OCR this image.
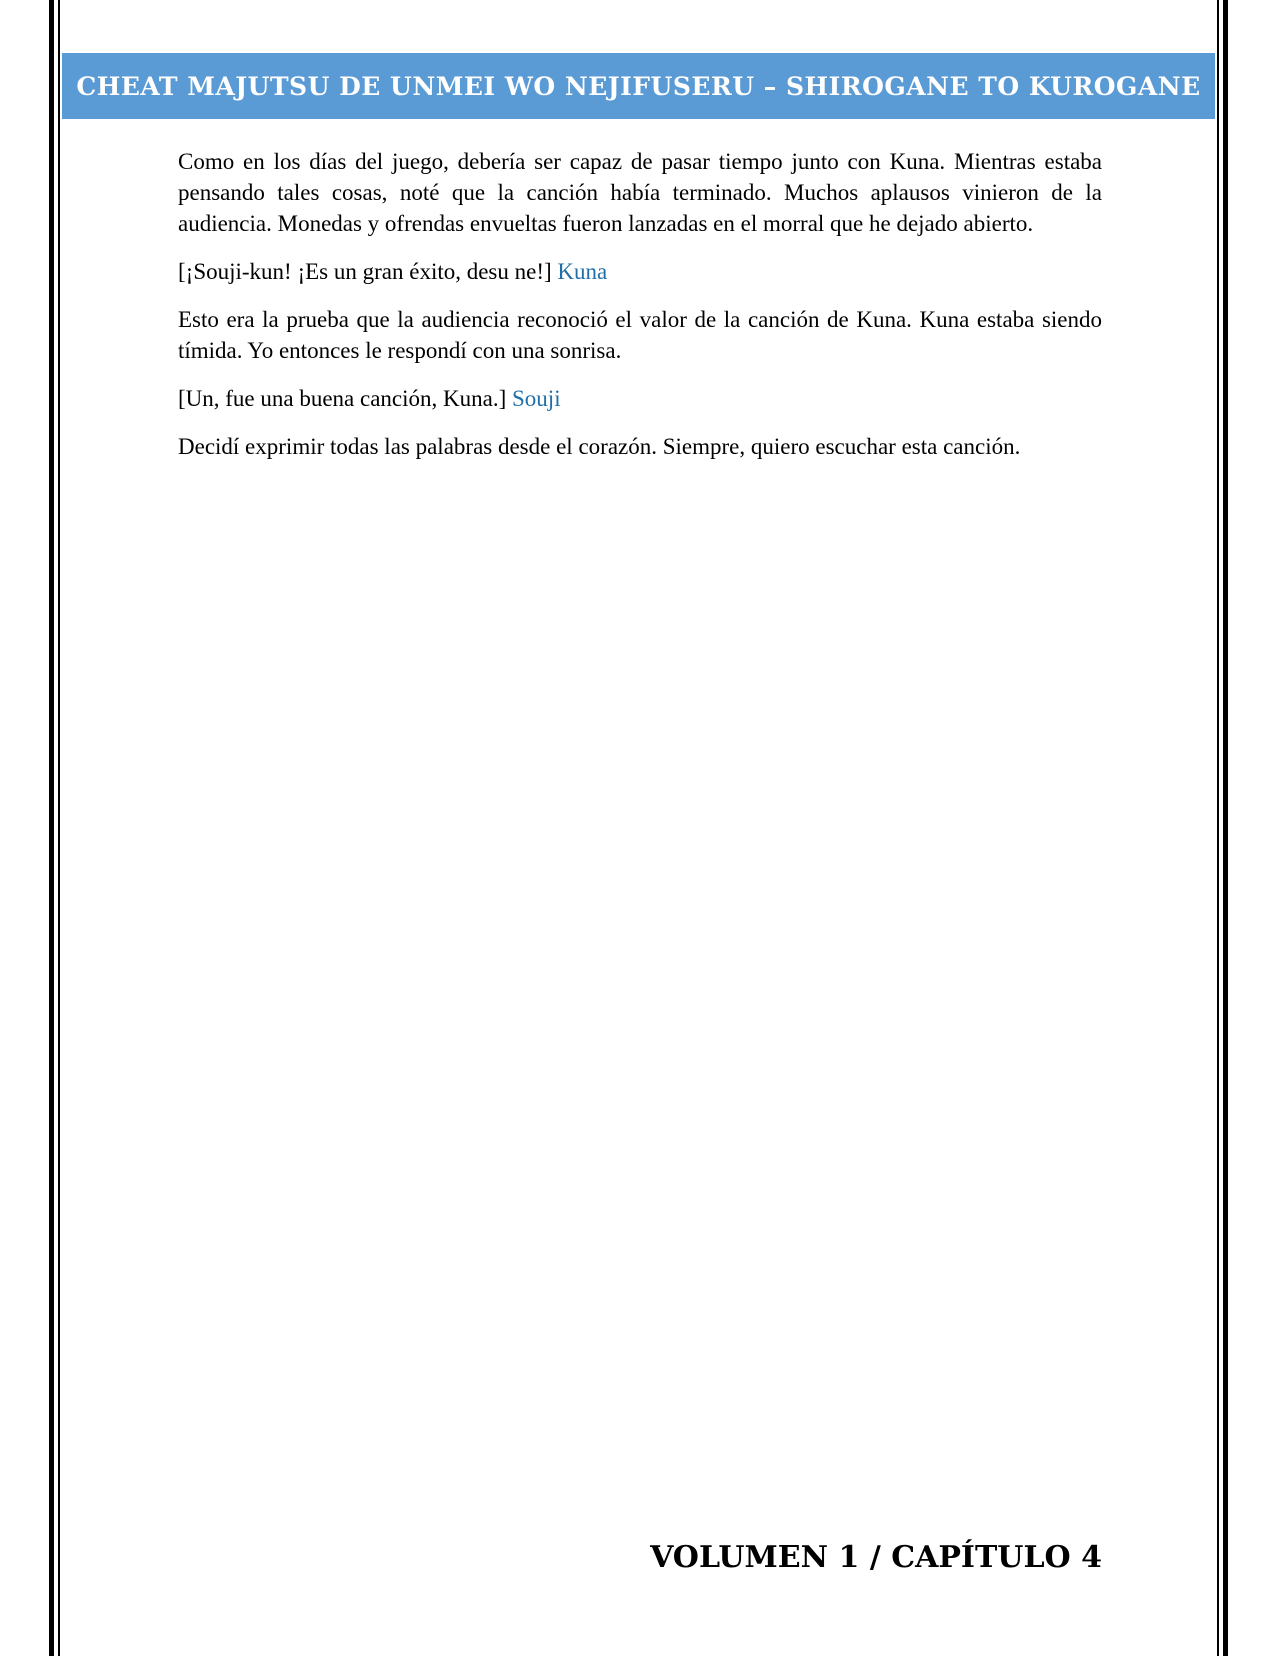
CHEAT MAJUTSU DE UNMEI WO NEJIFUSERU – SHIROGANE TO KUROGANE

Como en los días del juego, debería ser capaz de pasar tiempo junto con Kuna. Mientras estaba pensando tales cosas, noté que la canción había terminado. Muchos aplausos vinieron de la audiencia. Monedas y ofrendas envueltas fueron lanzadas en el morral que he dejado abierto.

[¡Souji-kun! ¡Es un gran éxito, desu ne!] Kuna

Esto era la prueba que la audiencia reconoció el valor de la canción de Kuna. Kuna estaba siendo tímida. Yo entonces le respondí con una sonrisa.

[Un, fue una buena canción, Kuna.] Souji

Decidí exprimir todas las palabras desde el corazón. Siempre, quiero escuchar esta canción.

VOLUMEN 1 / CAPÍTULO 4
